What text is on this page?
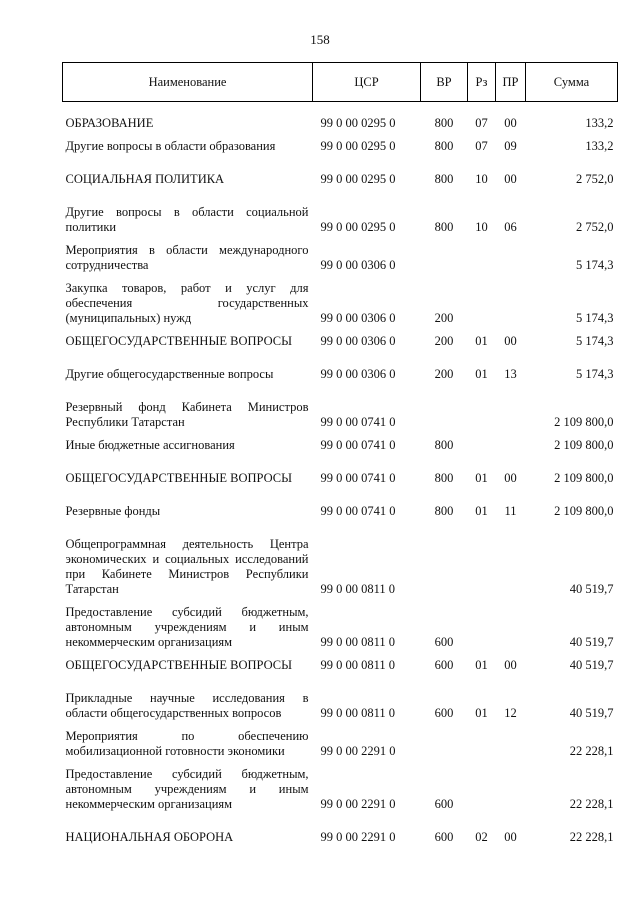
158
Наименование	ЦСР	ВР	Рз	ПР	Сумма

ОБРАЗОВАНИЕ	99 0 00 0295 0	800	07	00	133,2

Другие вопросы в области образования	99 0 00 0295 0	800	07	09	133,2

СОЦИАЛЬНАЯ ПОЛИТИКА	99 0 00 0295 0	800	10	00	2 752,0

Другие вопросы в области социальной политики	99 0 00 0295 0	800	10	06	2 752,0

Мероприятия в области международного сотрудничества	99 0 00 0306 0				5 174,3

Закупка товаров, работ и услуг для обеспечения государственных (муниципальных) нужд	99 0 00 0306 0	200			5 174,3

ОБЩЕГОСУДАРСТВЕННЫЕ ВОПРОСЫ	99 0 00 0306 0	200	01	00	5 174,3

Другие общегосударственные вопросы	99 0 00 0306 0	200	01	13	5 174,3

Резервный фонд Кабинета Министров Республики Татарстан	99 0 00 0741 0				2 109 800,0

Иные бюджетные ассигнования	99 0 00 0741 0	800			2 109 800,0

ОБЩЕГОСУДАРСТВЕННЫЕ ВОПРОСЫ	99 0 00 0741 0	800	01	00	2 109 800,0

Резервные фонды	99 0 00 0741 0	800	01	11	2 109 800,0

Общепрограммная деятельность Центра экономических и социальных исследований при Кабинете Министров Республики Татарстан	99 0 00 0811 0				40 519,7

Предоставление субсидий бюджетным, автономным учреждениям и иным некоммерческим организациям	99 0 00 0811 0	600			40 519,7

ОБЩЕГОСУДАРСТВЕННЫЕ ВОПРОСЫ	99 0 00 0811 0	600	01	00	40 519,7

Прикладные научные исследования в области общегосударственных вопросов	99 0 00 0811 0	600	01	12	40 519,7

Мероприятия по обеспечению мобилизационной готовности экономики	99 0 00 2291 0				22 228,1

Предоставление субсидий бюджетным, автономным учреждениям и иным некоммерческим организациям	99 0 00 2291 0	600			22 228,1

НАЦИОНАЛЬНАЯ ОБОРОНА	99 0 00 2291 0	600	02	00	22 228,1
